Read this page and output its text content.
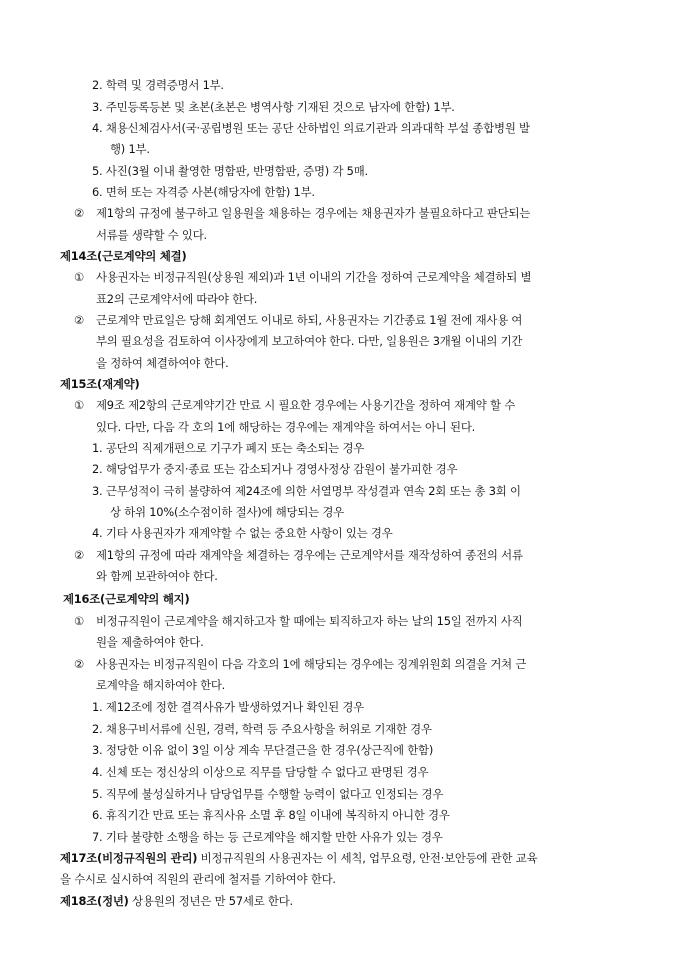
2. 학력 및 경력증명서 1부.
3. 주민등록등본 및 초본(초본은 병역사항 기재된 것으로 남자에 한함) 1부.
4. 채용신체검사서(국·공립병원 또는 공단 산하법인 의료기관과 의과대학 부설 종합병원 발
행) 1부.
5. 사진(3월 이내 촬영한 명함판, 반명함판, 증명) 각 5매.
6. 면허 또는 자격증 사본(해당자에 한함) 1부.
② 제1항의 규정에 불구하고 일용원을 채용하는 경우에는 채용권자가 불필요하다고 판단되는
서류를 생략할 수 있다.
제14조(근로계약의 체결)
① 사용권자는 비정규직원(상용원 제외)과 1년 이내의 기간을 정하여 근로계약을 체결하되 별
표2의 근로계약서에 따라야 한다.
② 근로계약 만료일은 당해 회계연도 이내로 하되, 사용권자는 기간종료 1월 전에 재사용 여
부의 필요성을 검토하여 이사장에게 보고하여야 한다. 다만, 일용원은 3개월 이내의 기간
을 정하여 체결하여야 한다.
제15조(재계약)
① 제9조 제2항의 근로계약기간 만료 시 필요한 경우에는 사용기간을 정하여 재계약 할 수
있다. 다만, 다음 각 호의 1에 해당하는 경우에는 재계약을 하여서는 아니 된다.
1. 공단의 직제개편으로 기구가 폐지 또는 축소되는 경우
2. 해당업무가 중지·종료 또는 감소되거나 경영사정상 감원이 불가피한 경우
3. 근무성적이 극히 불량하여 제24조에 의한 서열명부 작성결과 연속 2회 또는 총 3회 이
상 하위 10%(소수점이하 절사)에 해당되는 경우
4. 기타 사용권자가 재계약할 수 없는 중요한 사항이 있는 경우
② 제1항의 규정에 따라 재계약을 체결하는 경우에는 근로계약서를 재작성하여 종전의 서류
와 함께 보관하여야 한다.
제16조(근로계약의 해지)
① 비정규직원이 근로계약을 해지하고자 할 때에는 퇴직하고자 하는 날의 15일 전까지 사직
원을 제출하여야 한다.
② 사용권자는 비정규직원이 다음 각호의 1에 해당되는 경우에는 징계위원회 의결을 거쳐 근
로계약을 해지하여야 한다.
1. 제12조에 정한 결격사유가 발생하였거나 확인된 경우
2. 채용구비서류에 신원, 경력, 학력 등 주요사항을 허위로 기재한 경우
3. 정당한 이유 없이 3일 이상 계속 무단결근을 한 경우(상근직에 한함)
4. 신체 또는 정신상의 이상으로 직무를 담당할 수 없다고 판명된 경우
5. 직무에 불성실하거나 담당업무를 수행할 능력이 없다고 인정되는 경우
6. 휴직기간 만료 또는 휴직사유 소멸 후 8일 이내에 복직하지 아니한 경우
7. 기타 불량한 소행을 하는 등 근로계약을 해지할 만한 사유가 있는 경우
제17조(비정규직원의 관리) 비정규직원의 사용권자는 이 세칙, 업무요령, 안전·보안등에 관한 교육
을 수시로 실시하여 직원의 관리에 철저를 기하여야 한다.
제18조(정년) 상용원의 정년은 만 57세로 한다.
